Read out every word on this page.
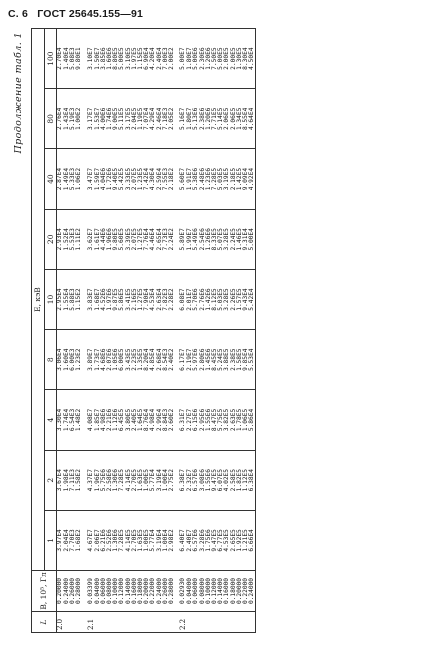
С. 6 ГОСТ 25645.155—91
Продолжение табл. 1
L	B, 10⁵, Гл	E, кэВ								
		1	2	4	8	10	20	40	80	100
2.0	0.20000	3.97E4	3.67E4	3.30E4	3.06E4	2.95E4	2.93E4	2.87E4	2.76E4	2.70E4
	0.24000	2.04E4	1.98E4	1.74E4	1.60E4	1.55E4	1.52E4	1.49E4	1.43E4	1.40E4
	0.26000	7.70E3	7.11E3	6.54E3	6.00E3	5.88E3	5.53E3	5.33E3	5.19E3	5.08E3
	0.28000	1.68E2	1.58E2	1.48E2	1.23E2	1.15E2	1.11E2	1.06E2	1.00E2	9.80E1
2.1	0.03399	4.67E7	4.37E7	4.08E7	3.89E7	3.83E7	3.62E7	3.47E7	3.17E7	3.10E7
	0.04000	2.06E7	1.96E7	1.85E7	1.73E7	1.68E7	1.61E7	1.59E7	1.53E7	1.50E7
	0.06000	6.21E6	5.75E6	4.98E6	4.68E6	4.52E6	4.44E6	4.04E6	4.00E6	3.85E6
	0.08000	2.52E6	2.58E6	2.21E6	2.07E6	1.97E6	1.96E6	1.72E6	1.74E6	1.60E6
	0.10000	1.30E6	1.30E6	1.12E6	1.05E6	9.87E5	9.80E5	9.40E5	9.00E5	8.80E5
	0.12000	7.28E5	7.28E5	6.45E5	6.00E5	5.86E5	5.60E5	5.42E5	5.11E5	5.00E5
	0.14000	4.14E5	4.14E5	3.80E5	3.43E5	3.41E5	3.39E5	3.33E5	3.17E5	3.10E5
	0.16000	2.70E5	2.70E5	2.40E5	2.23E5	2.16E5	2.07E5	2.07E5	2.04E5	1.97E5
	0.18000	1.63E5	1.63E5	1.64E5	1.35E5	1.27E5	1.27E5	1.23E5	1.19E5	1.15E5
	0.20000	1.00E5	1.00E5	8.76E4	8.20E4	7.90E4	7.76E4	7.42E4	7.07E4	6.90E4
	0.22000	5.77E4	5.77E4	4.98E4	4.85E4	4.53E4	4.46E4	4.30E4	4.29E4	4.20E4
	0.24000	3.19E4	3.19E4	2.99E4	2.68E4	2.63E4	2.65E4	2.59E4	2.46E4	2.40E4
	0.26000	1.00E4	1.00E4	8.84E3	8.54E3	7.82E3	7.73E3	7.55E3	7.18E3	7.00E3
	0.28000	2.98E2	2.75E2	2.60E2	2.40E2	2.28E2	2.24E2	2.18E2	2.05E2	2.00E2
2.2	0.02930	6.40E7	6.38E7	6.31E7	6.17E7	6.08E7	5.89E7	5.60E7	5.16E7	5.00E7
	0.04000	2.40E7	2.32E7	2.27E7	2.19E7	2.01E7	1.99E7	1.91E7	1.80E7	1.80E7
	0.06000	6.57E6	6.57E6	6.15E6	5.97E6	5.70E6	5.49E6	5.38E6	5.13E6	5.00E6
	0.08000	3.28E6	3.08E6	2.95E6	2.80E6	2.76E6	2.54E6	2.48E6	2.38E6	2.30E6
	0.10000	1.75E6	1.55E6	1.55E6	1.45E6	1.42E6	1.26E6	1.23E6	1.20E6	1.20E6
	0.12000	9.47E5	9.47E5	8.47E5	8.45E5	8.12E5	8.33E5	7.28E5	7.71E5	7.50E5
	0.14000	6.77E5	6.07E5	5.75E5	5.24E5	5.03E5	5.07E5	5.03E5	5.14E5	5.00E5
	0.16000	4.53E5	4.02E5	3.82E5	3.88E5	3.28E5	3.28E5	3.19E5	2.06E5	2.00E5
	0.18000	2.65E5	2.58E5	2.63E5	2.38E5	2.26E5	2.24E5	2.18E5	2.06E5	2.00E5
	0.20000	1.92E5	1.82E5	1.78E5	1.58E5	1.57E5	1.46E5	1.42E5	1.34E5	1.30E5
	0.22000	1.21E5	1.12E5	1.06E5	9.85E4	9.43E4	9.31E4	9.09E4	8.55E4	8.30E4
	0.24000	6.66E4	6.38E4	5.86E4	5.53E4	5.42E4	5.00E4	4.92E4	4.64E4	4.50E4
